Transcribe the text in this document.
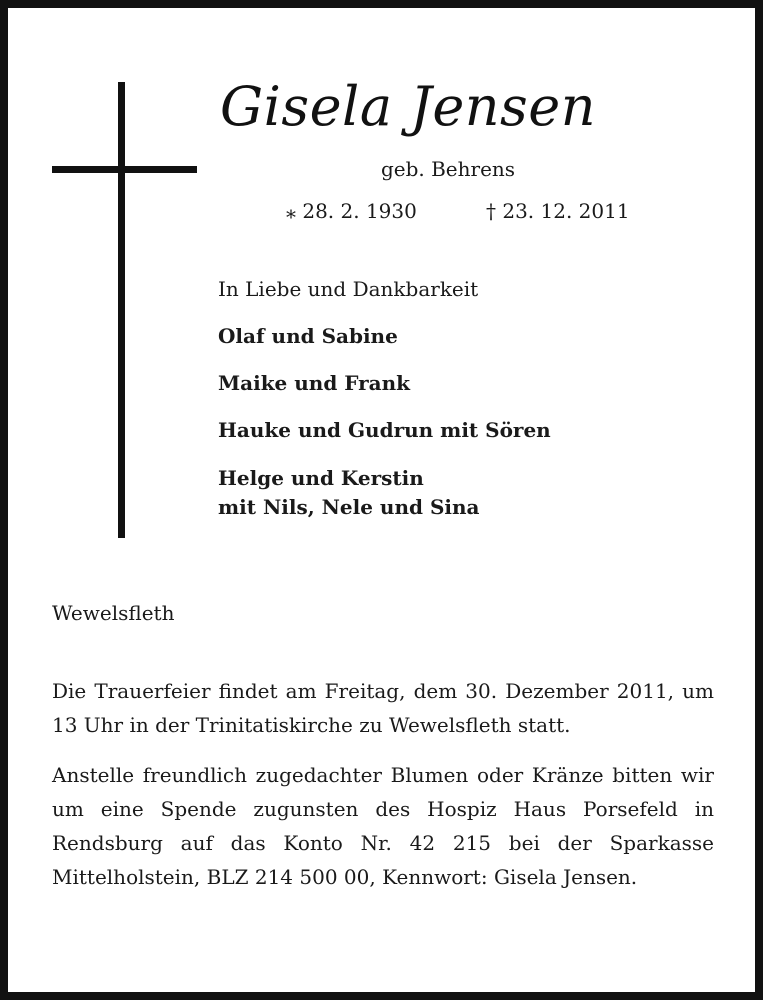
Gisela Jensen
geb. Behrens
⁎ 28. 2. 1930	† 23. 12. 2011
In Liebe und Dankbarkeit
Olaf und Sabine
Maike und Frank
Hauke und Gudrun mit Sören
Helge und Kerstin
mit Nils, Nele und Sina
Wewelsfleth
Die Trauerfeier findet am Freitag, dem 30. Dezember 2011, um 13 Uhr in der Trinitatiskirche zu Wewelsfleth statt.
Anstelle freundlich zugedachter Blumen oder Kränze bitten wir um eine Spende zugunsten des Hospiz Haus Porsefeld in Rendsburg auf das Konto Nr. 42 215 bei der Sparkasse Mittelholstein, BLZ 214 500 00, Kennwort: Gisela Jensen.
